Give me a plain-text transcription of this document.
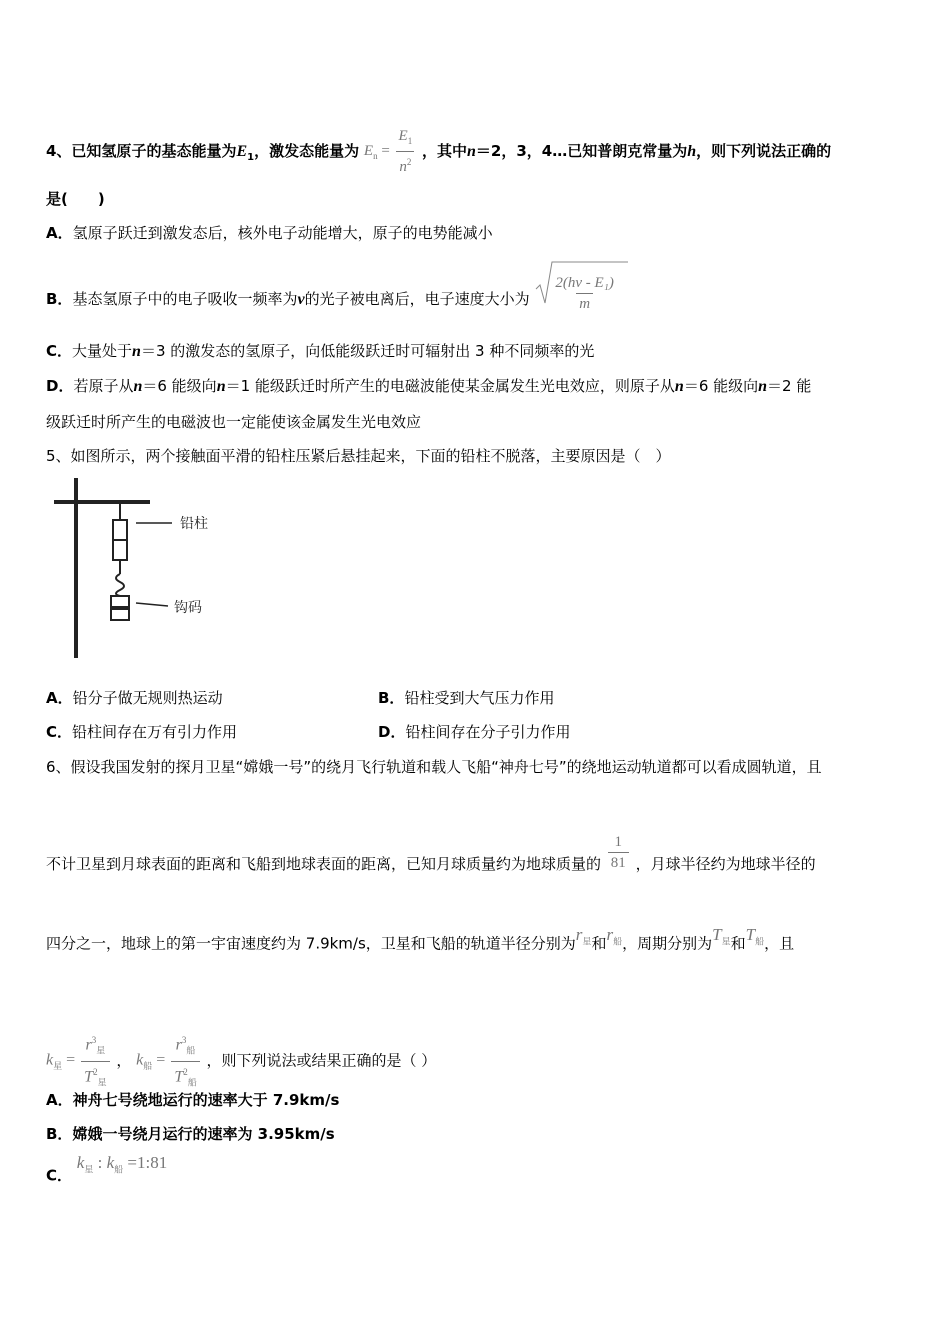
4、已知氢原子的基态能量为$E_1$，激发态能量为 $E_n = \frac{E_1}{n^2}$ ，其中n＝2，3，4…已知普朗克常量为h，则下列说法正确的
是(　　)
A．氢原子跃迁到激发态后，核外电子动能增大，原子的电势能减小
B．基态氢原子中的电子吸收一频率为v的光子被电离后，电子速度大小为 $\frac{\text{2(hν - E₁)}}{m}$
C．大量处于n＝3 的激发态的氢原子，向低能级跃迁时可辐射出 3 种不同频率的光
D．若原子从n＝6 能级向n＝1 能级跃迁时所产生的电磁波能使某金属发生光电效应，则原子从n＝6 能级向n＝2 能
级跃迁时所产生的电磁波也一定能使该金属发生光电效应
5、如图所示，两个接触面平滑的铅柱压紧后悬挂起来，下面的铅柱不脱落，主要原因是（　）
铅柱
钩码
A．铅分子做无规则热运动	B．铅柱受到大气压力作用
C．铅柱间存在万有引力作用	D．铅柱间存在分子引力作用
6、假设我国发射的探月卫星“嫦娥一号”的绕月飞行轨道和载人飞船“神舟七号”的绕地运动轨道都可以看成圆轨道，且
不计卫星到月球表面的距离和飞船到地球表面的距离，已知月球质量约为地球质量的 $\frac{1}{81}$ ，月球半径约为地球半径的
四分之一，地球上的第一宇宙速度约为 7.9km/s，卫星和飞船的轨道半径分别为$r_星$和$r_船$，周期分别为$T_星$和$T_船$，且
$k_星 = \frac{r^3_星}{T^2_星}$ ， $k_船 = \frac{r^3_船}{T^2_船}$ ，则下列说法或结果正确的是（ ）
A．神舟七号绕地运行的速率大于 7.9km/s
B．嫦娥一号绕月运行的速率为 3.95km/s
C． $k_星$ : $k_船$ =1:81
